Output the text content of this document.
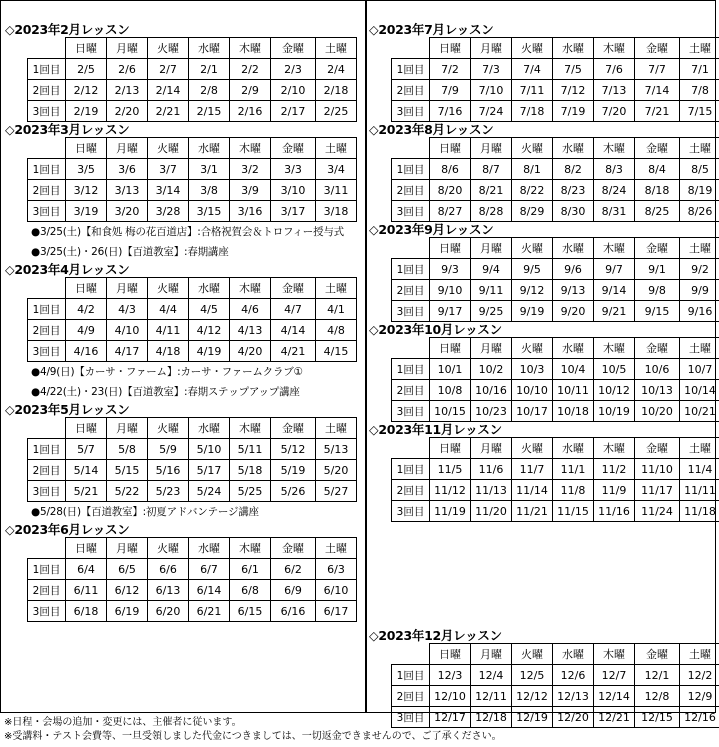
◇2023年2月レッスン
	日曜	月曜	火曜	水曜	木曜	金曜	土曜
1回目	2/5	2/6	2/7	2/1	2/2	2/3	2/4
2回目	2/12	2/13	2/14	2/8	2/9	2/10	2/18
3回目	2/19	2/20	2/21	2/15	2/16	2/17	2/25
◇2023年3月レッスン
	日曜	月曜	火曜	水曜	木曜	金曜	土曜
1回目	3/5	3/6	3/7	3/1	3/2	3/3	3/4
2回目	3/12	3/13	3/14	3/8	3/9	3/10	3/11
3回目	3/19	3/20	3/28	3/15	3/16	3/17	3/18
●3/25(土)【和食処 梅の花百道店】:合格祝賀会＆トロフィー授与式
●3/25(土)・26(日)【百道教室】:春期講座
◇2023年4月レッスン
	日曜	月曜	火曜	水曜	木曜	金曜	土曜
1回目	4/2	4/3	4/4	4/5	4/6	4/7	4/1
2回目	4/9	4/10	4/11	4/12	4/13	4/14	4/8
3回目	4/16	4/17	4/18	4/19	4/20	4/21	4/15
●4/9(日)【カーサ・ファーム】:カーサ・ファームクラブ①
●4/22(土)・23(日)【百道教室】:春期ステップアップ講座
◇2023年5月レッスン
	日曜	月曜	火曜	水曜	木曜	金曜	土曜
1回目	5/7	5/8	5/9	5/10	5/11	5/12	5/13
2回目	5/14	5/15	5/16	5/17	5/18	5/19	5/20
3回目	5/21	5/22	5/23	5/24	5/25	5/26	5/27
●5/28(日)【百道教室】:初夏アドバンテージ講座
◇2023年6月レッスン
	日曜	月曜	火曜	水曜	木曜	金曜	土曜
1回目	6/4	6/5	6/6	6/7	6/1	6/2	6/3
2回目	6/11	6/12	6/13	6/14	6/8	6/9	6/10
3回目	6/18	6/19	6/20	6/21	6/15	6/16	6/17
◇2023年7月レッスン
	日曜	月曜	火曜	水曜	木曜	金曜	土曜
1回目	7/2	7/3	7/4	7/5	7/6	7/7	7/1
2回目	7/9	7/10	7/11	7/12	7/13	7/14	7/8
3回目	7/16	7/24	7/18	7/19	7/20	7/21	7/15
◇2023年8月レッスン
	日曜	月曜	火曜	水曜	木曜	金曜	土曜
1回目	8/6	8/7	8/1	8/2	8/3	8/4	8/5
2回目	8/20	8/21	8/22	8/23	8/24	8/18	8/19
3回目	8/27	8/28	8/29	8/30	8/31	8/25	8/26
◇2023年9月レッスン
	日曜	月曜	火曜	水曜	木曜	金曜	土曜
1回目	9/3	9/4	9/5	9/6	9/7	9/1	9/2
2回目	9/10	9/11	9/12	9/13	9/14	9/8	9/9
3回目	9/17	9/25	9/19	9/20	9/21	9/15	9/16
◇2023年10月レッスン
	日曜	月曜	火曜	水曜	木曜	金曜	土曜
1回目	10/1	10/2	10/3	10/4	10/5	10/6	10/7
2回目	10/8	10/16	10/10	10/11	10/12	10/13	10/14
3回目	10/15	10/23	10/17	10/18	10/19	10/20	10/21
◇2023年11月レッスン
	日曜	月曜	火曜	水曜	木曜	金曜	土曜
1回目	11/5	11/6	11/7	11/1	11/2	11/10	11/4
2回目	11/12	11/13	11/14	11/8	11/9	11/17	11/11
3回目	11/19	11/20	11/21	11/15	11/16	11/24	11/18
◇2023年12月レッスン
	日曜	月曜	火曜	水曜	木曜	金曜	土曜
1回目	12/3	12/4	12/5	12/6	12/7	12/1	12/2
2回目	12/10	12/11	12/12	12/13	12/14	12/8	12/9
3回目	12/17	12/18	12/19	12/20	12/21	12/15	12/16
※日程・会場の追加・変更には、主催者に従います。
※受講料・テスト会費等、一旦受領しました代金につきましては、一切返金できませんので、ご了承ください。
